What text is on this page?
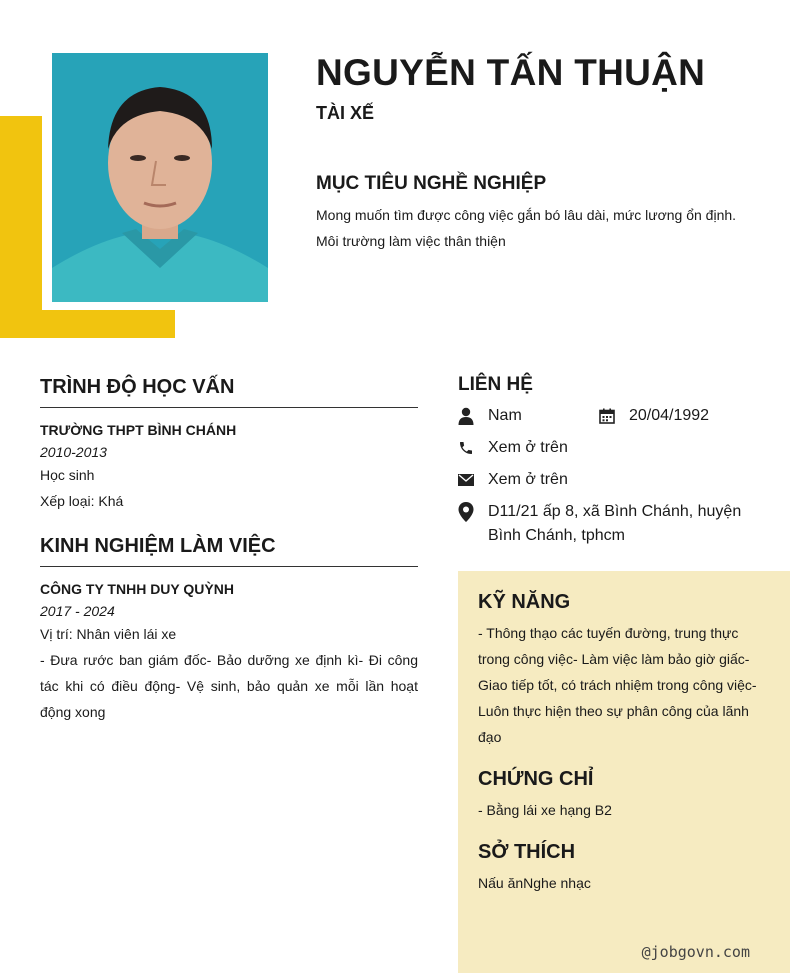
NGUYỄN TẤN THUẬN
TÀI XẾ
MỤC TIÊU NGHỀ NGHIỆP

Mong muốn tìm được công việc gắn bó lâu dài, mức lương ổn định. Môi trường làm việc thân thiện

TRÌNH ĐỘ HỌC VẤN

TRƯỜNG THPT BÌNH CHÁNH

2010-2013

Học sinh

Xếp loại: Khá

KINH NGHIỆM LÀM VIỆC

CÔNG TY TNHH DUY QUỲNH

2017 - 2024

Vị trí: Nhân viên lái xe

- Đưa rước ban giám đốc- Bảo dưỡng xe định kì- Đi công tác khi có điều động- Vệ sinh, bảo quản xe mỗi lần hoạt động xong

LIÊN HỆ
Nam	20/04/1992
Xem ở trên
Xem ở trên
D11/21 ấp 8, xã Bình Chánh, huyện Bình Chánh, tphcm
KỸ NĂNG

- Thông thạo các tuyến đường, trung thực trong công việc- Làm việc làm bảo giờ giấc- Giao tiếp tốt, có trách nhiệm trong công việc- Luôn thực hiện theo sự phân công của lãnh đạo

CHỨNG CHỈ

- Bằng lái xe hạng B2

SỞ THÍCH

Nấu ănNghe nhạc

@jobgovn.com
